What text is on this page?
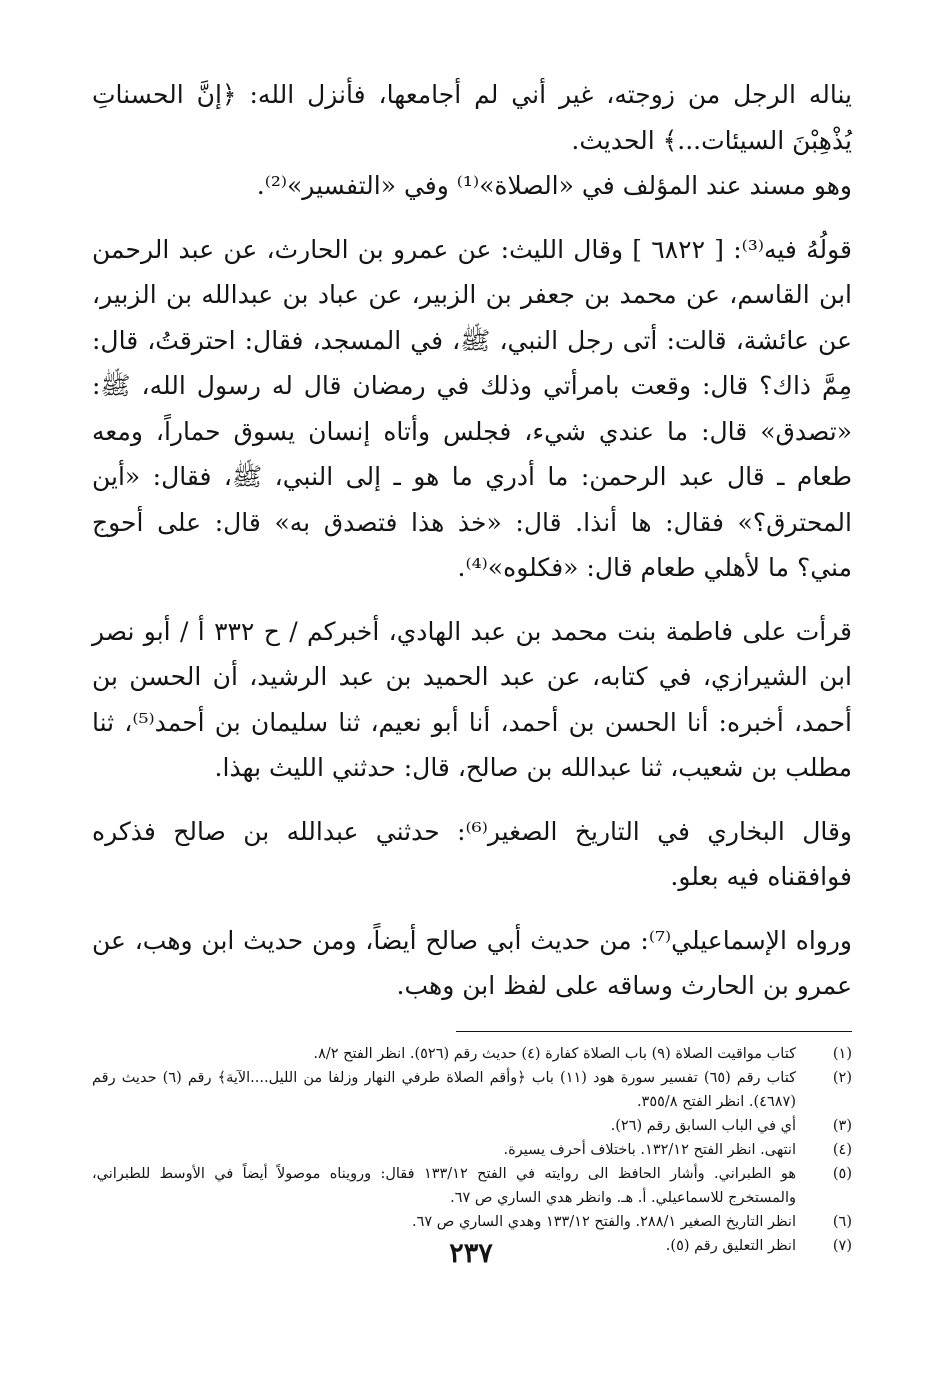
يناله الرجل من زوجته، غير أني لم أجامعها، فأنزل الله: ﴿إنَّ الحسناتِ يُذْهِبْنَ السيئات...﴾ الحديث.

وهو مسند عند المؤلف في «الصلاة»⁽¹⁾ وفي «التفسير»⁽²⁾.

قولُهُ فيه⁽³⁾: [ ٦٨٢٢ ] وقال الليث: عن عمرو بن الحارث، عن عبد الرحمن ابن القاسم، عن محمد بن جعفر بن الزبير، عن عباد بن عبدالله بن الزبير، عن عائشة، قالت: أتى رجل النبي، ﷺ، في المسجد، فقال: احترقتُ، قال: مِمَّ ذاك؟ قال: وقعت بامرأتي وذلك في رمضان قال له رسول الله، ﷺ: «تصدق» قال: ما عندي شيء، فجلس وأتاه إنسان يسوق حماراً، ومعه طعام ـ قال عبد الرحمن: ما أدري ما هو ـ إلى النبي، ﷺ، فقال: «أين المحترق؟» فقال: ها أنذا. قال: «خذ هذا فتصدق به» قال: على أحوج مني؟ ما لأهلي طعام قال: «فكلوه»⁽⁴⁾.

قرأت على فاطمة بنت محمد بن عبد الهادي، أخبركم / ح ٣٣٢ أ / أبو نصر ابن الشيرازي، في كتابه، عن عبد الحميد بن عبد الرشيد، أن الحسن بن أحمد، أخبره: أنا الحسن بن أحمد، أنا أبو نعيم، ثنا سليمان بن أحمد⁽⁵⁾، ثنا مطلب بن شعيب، ثنا عبدالله بن صالح، قال: حدثني الليث بهذا.

وقال البخاري في التاريخ الصغير⁽⁶⁾: حدثني عبدالله بن صالح فذكره فوافقناه فيه بعلو.

ورواه الإسماعيلي⁽⁷⁾: من حديث أبي صالح أيضاً، ومن حديث ابن وهب، عن عمرو بن الحارث وساقه على لفظ ابن وهب.

(١)
كتاب مواقيت الصلاة (٩) باب الصلاة كفارة (٤) حديث رقم (٥٢٦). انظر الفتح ٨/٢.
(٢)
كتاب رقم (٦٥) تفسير سورة هود (١١) باب ﴿وأقم الصلاة طرفي النهار وزلفا من الليل....الآية﴾ رقم (٦) حديث رقم (٤٦٨٧). انظر الفتح ٣٥٥/٨.
(٣)
أي في الباب السابق رقم (٢٦).
(٤)
انتهى. انظر الفتح ١٣٢/١٢. باختلاف أحرف يسيرة.
(٥)
هو الطبراني. وأشار الحافظ الى روايته في الفتح ١٣٣/١٢ فقال: ورويناه موصولاً أيضاً في الأوسط للطبراني، والمستخرج للاسماعيلي. أ. هـ. وانظر هدي الساري ص ٦٧.
(٦)
انظر التاريخ الصغير ٢٨٨/١. والفتح ١٣٣/١٢ وهدي الساري ص ٦٧.
(٧)
انظر التعليق رقم (٥).
٢٣٧
